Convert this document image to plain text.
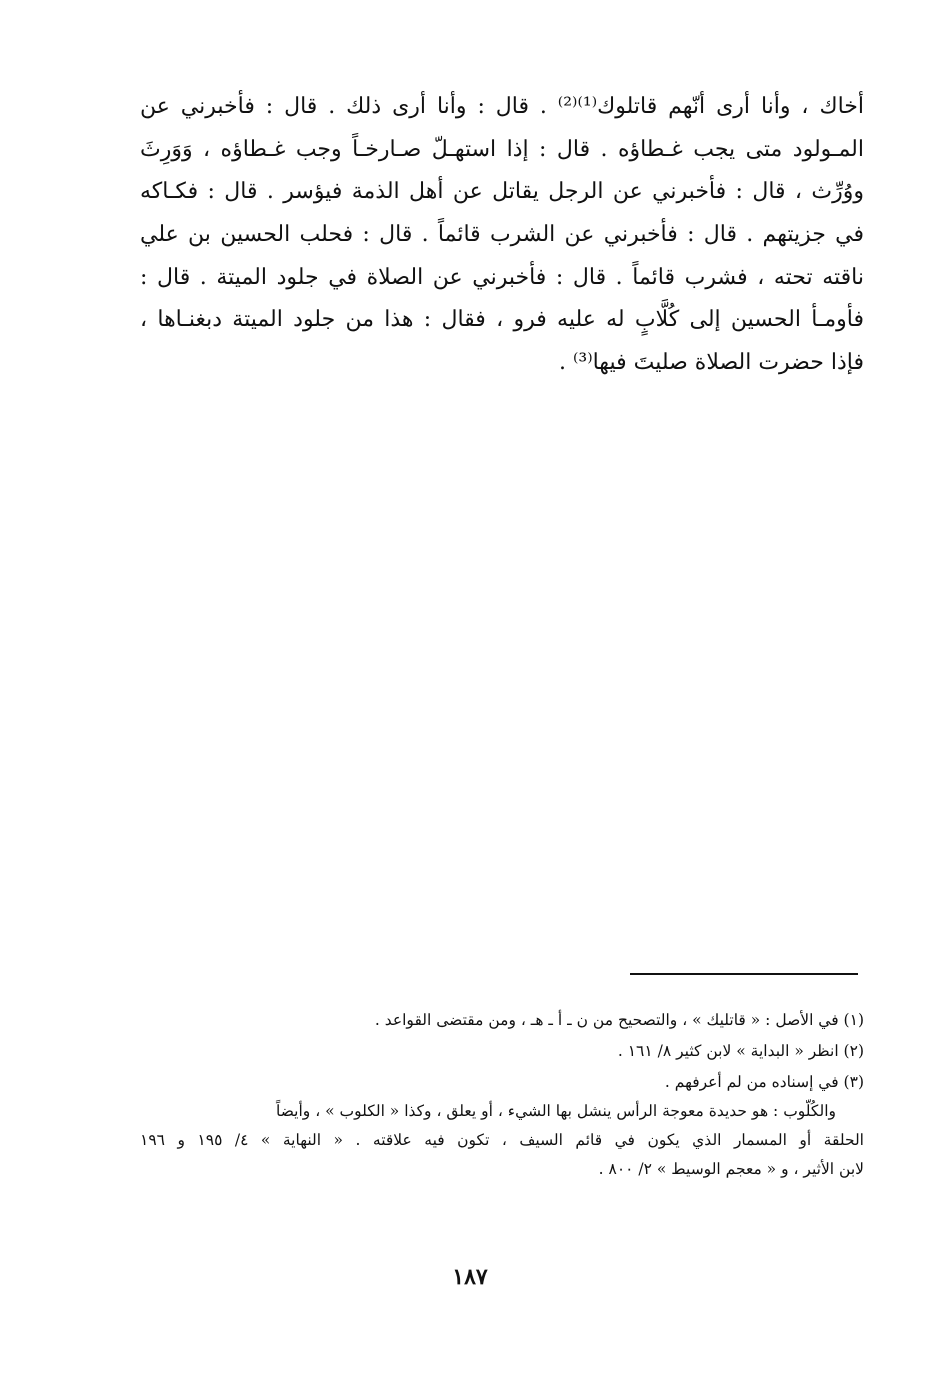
أخاك ، وأنا أرى أنّهم قاتلوك⁽¹⁾⁽²⁾ . قال : وأنا أرى ذلك . قال : فأخبرني عن
المـولود متى يجب غـطاؤه . قال : إذا استهـلّ صـارخـاً وجب غـطاؤه ، وَوَرِثَ
ووُرِّث ، قال : فأخبرني عن الرجل يقاتل عن أهل الذمة فيؤسر . قال : فكـاكه
في جزيتهم . قال : فأخبرني عن الشرب قائماً . قال : فحلب الحسين بن علي
ناقته تحته ، فشرب قائماً . قال : فأخبرني عن الصلاة في جلود الميتة . قال :
فأومـأ الحسين إلى كُلَّابٍ له عليه فرو ، فقال : هذا من جلود الميتة دبغنـاها ،
فإذا حضرت الصلاة صليتَ فيها⁽³⁾ .
(١) في الأصل : « قاتليك » ، والتصحيح من ن ـ أ ـ هـ ، ومن مقتضى القواعد .
(٢) انظر « البداية » لابن كثير ٨/ ١٦١ .
(٣) في إسناده من لم أعرفهم .
والكُلّوب : هو حديدة معوجة الرأس ينشل بها الشيء ، أو يعلق ، وكذا « الكلوب » ، وأيضاً
الحلقة أو المسمار الذي يكون في قائم السيف ، تكون فيه علاقته . « النهاية » ٤/ ١٩٥ و ١٩٦
لابن الأثير ، و « معجم الوسيط » ٢/ ٨٠٠ .
١٨٧
